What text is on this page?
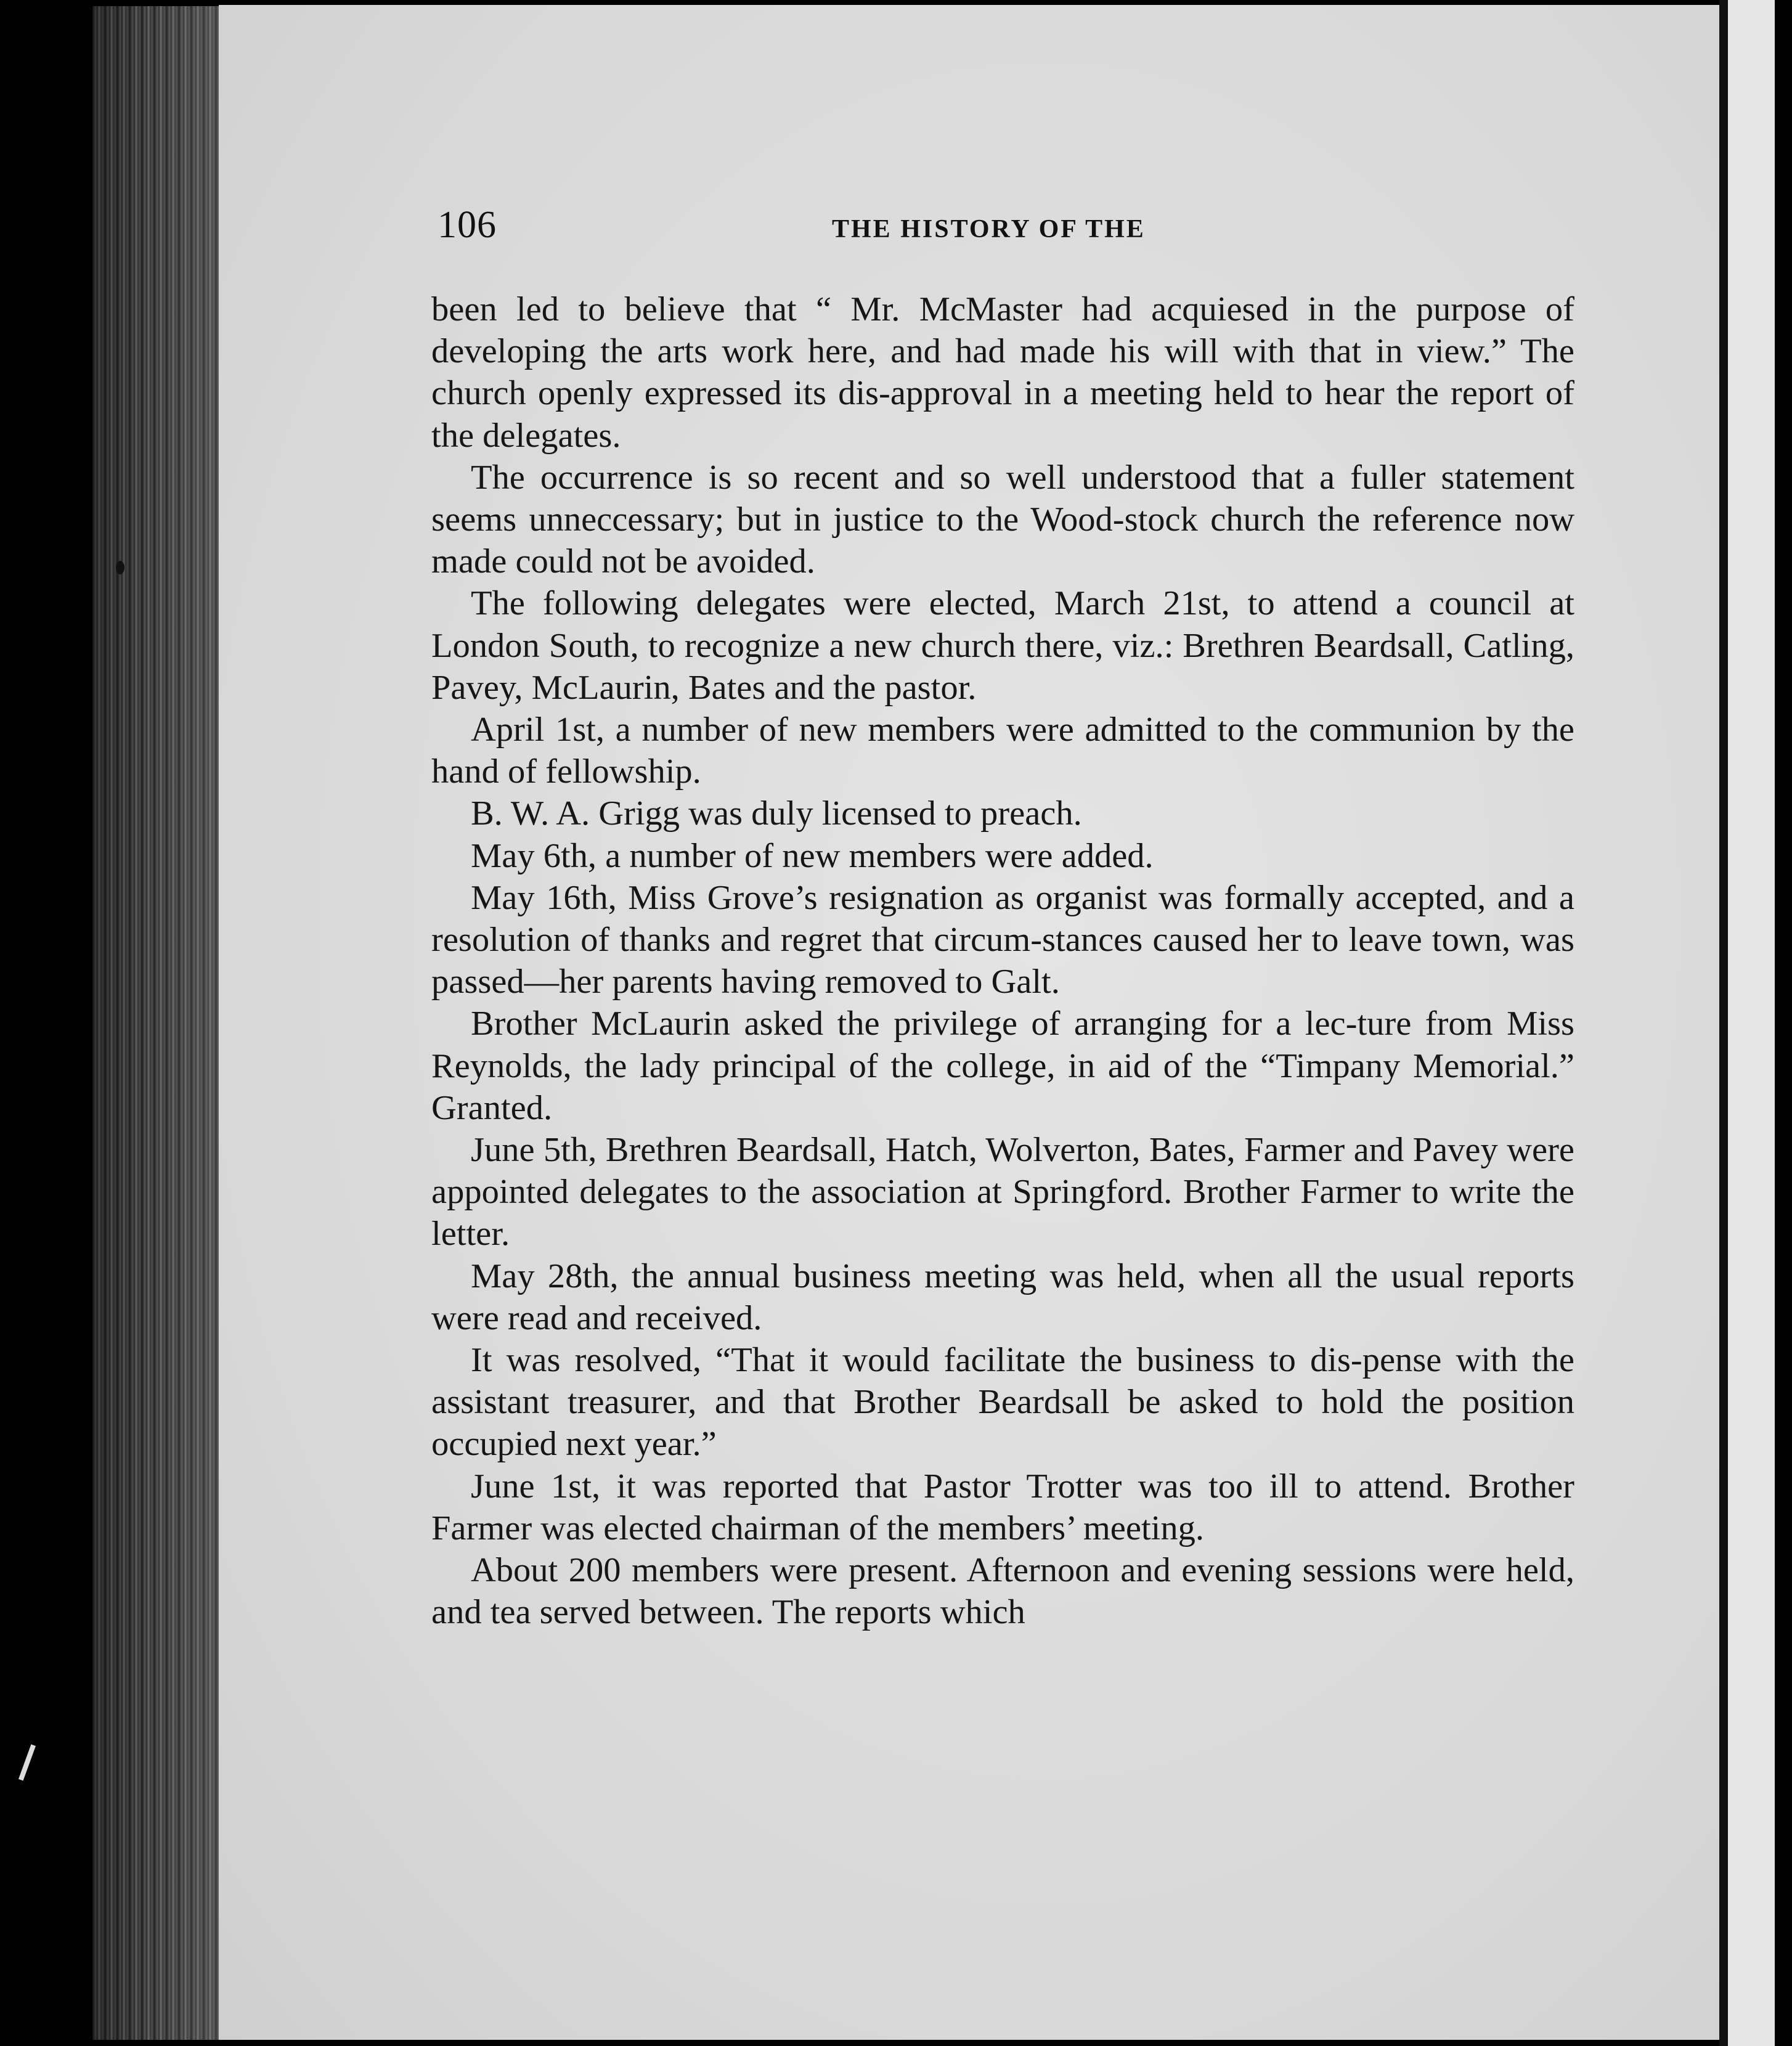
106	THE HISTORY OF THE

been led to believe that “ Mr. McMaster had acquiesed in the purpose of developing the arts work here, and had made his will with that in view.” The church openly expressed its dis-approval in a meeting held to hear the report of the delegates.

The occurrence is so recent and so well understood that a fuller statement seems unneccessary; but in justice to the Wood-stock church the reference now made could not be avoided.

The following delegates were elected, March 21st, to attend a council at London South, to recognize a new church there, viz.: Brethren Beardsall, Catling, Pavey, McLaurin, Bates and the pastor.

April 1st, a number of new members were admitted to the communion by the hand of fellowship.

B. W. A. Grigg was duly licensed to preach.

May 6th, a number of new members were added.

May 16th, Miss Grove’s resignation as organist was formally accepted, and a resolution of thanks and regret that circum-stances caused her to leave town, was passed—her parents having removed to Galt.

Brother McLaurin asked the privilege of arranging for a lec-ture from Miss Reynolds, the lady principal of the college, in aid of the “Timpany Memorial.” Granted.

June 5th, Brethren Beardsall, Hatch, Wolverton, Bates, Farmer and Pavey were appointed delegates to the association at Springford. Brother Farmer to write the letter.

May 28th, the annual business meeting was held, when all the usual reports were read and received.

It was resolved, “That it would facilitate the business to dis-pense with the assistant treasurer, and that Brother Beardsall be asked to hold the position occupied next year.”

June 1st, it was reported that Pastor Trotter was too ill to attend. Brother Farmer was elected chairman of the members’ meeting.

About 200 members were present. Afternoon and evening sessions were held, and tea served between. The reports which
